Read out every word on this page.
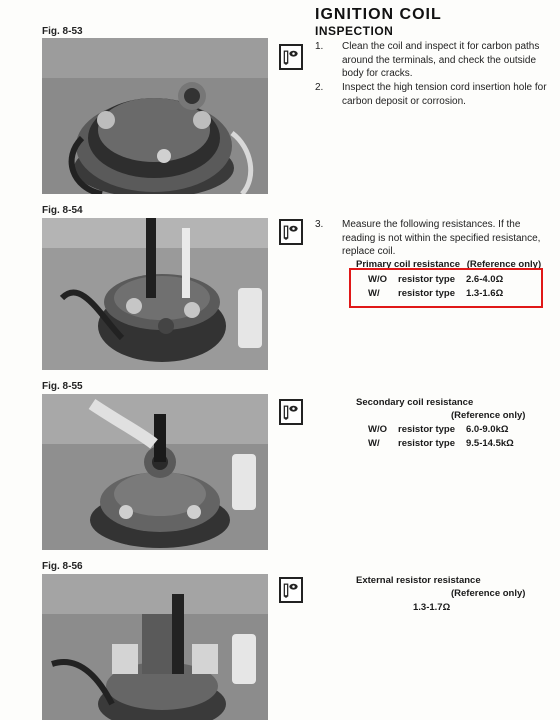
Fig. 8-53
Fig. 8-54
Fig. 8-55
Fig. 8-56
IGNITION COIL
INSPECTION
1. Clean the coil and inspect it for carbon paths around the terminals, and check the outside body for cracks.
2. Inspect the high tension cord insertion hole for carbon deposit or corrosion.
3. Measure the following resistances. If the reading is not within the specified resistance, replace coil.
Primary coil resistance (Reference only)
W/O resistor type 2.6-4.0Ω
W/ resistor type 1.3-1.6Ω
Secondary coil resistance
(Reference only)
W/O resistor type 6.0-9.0kΩ
W/ resistor type 9.5-14.5kΩ
External resistor resistance
(Reference only)
1.3-1.7Ω
